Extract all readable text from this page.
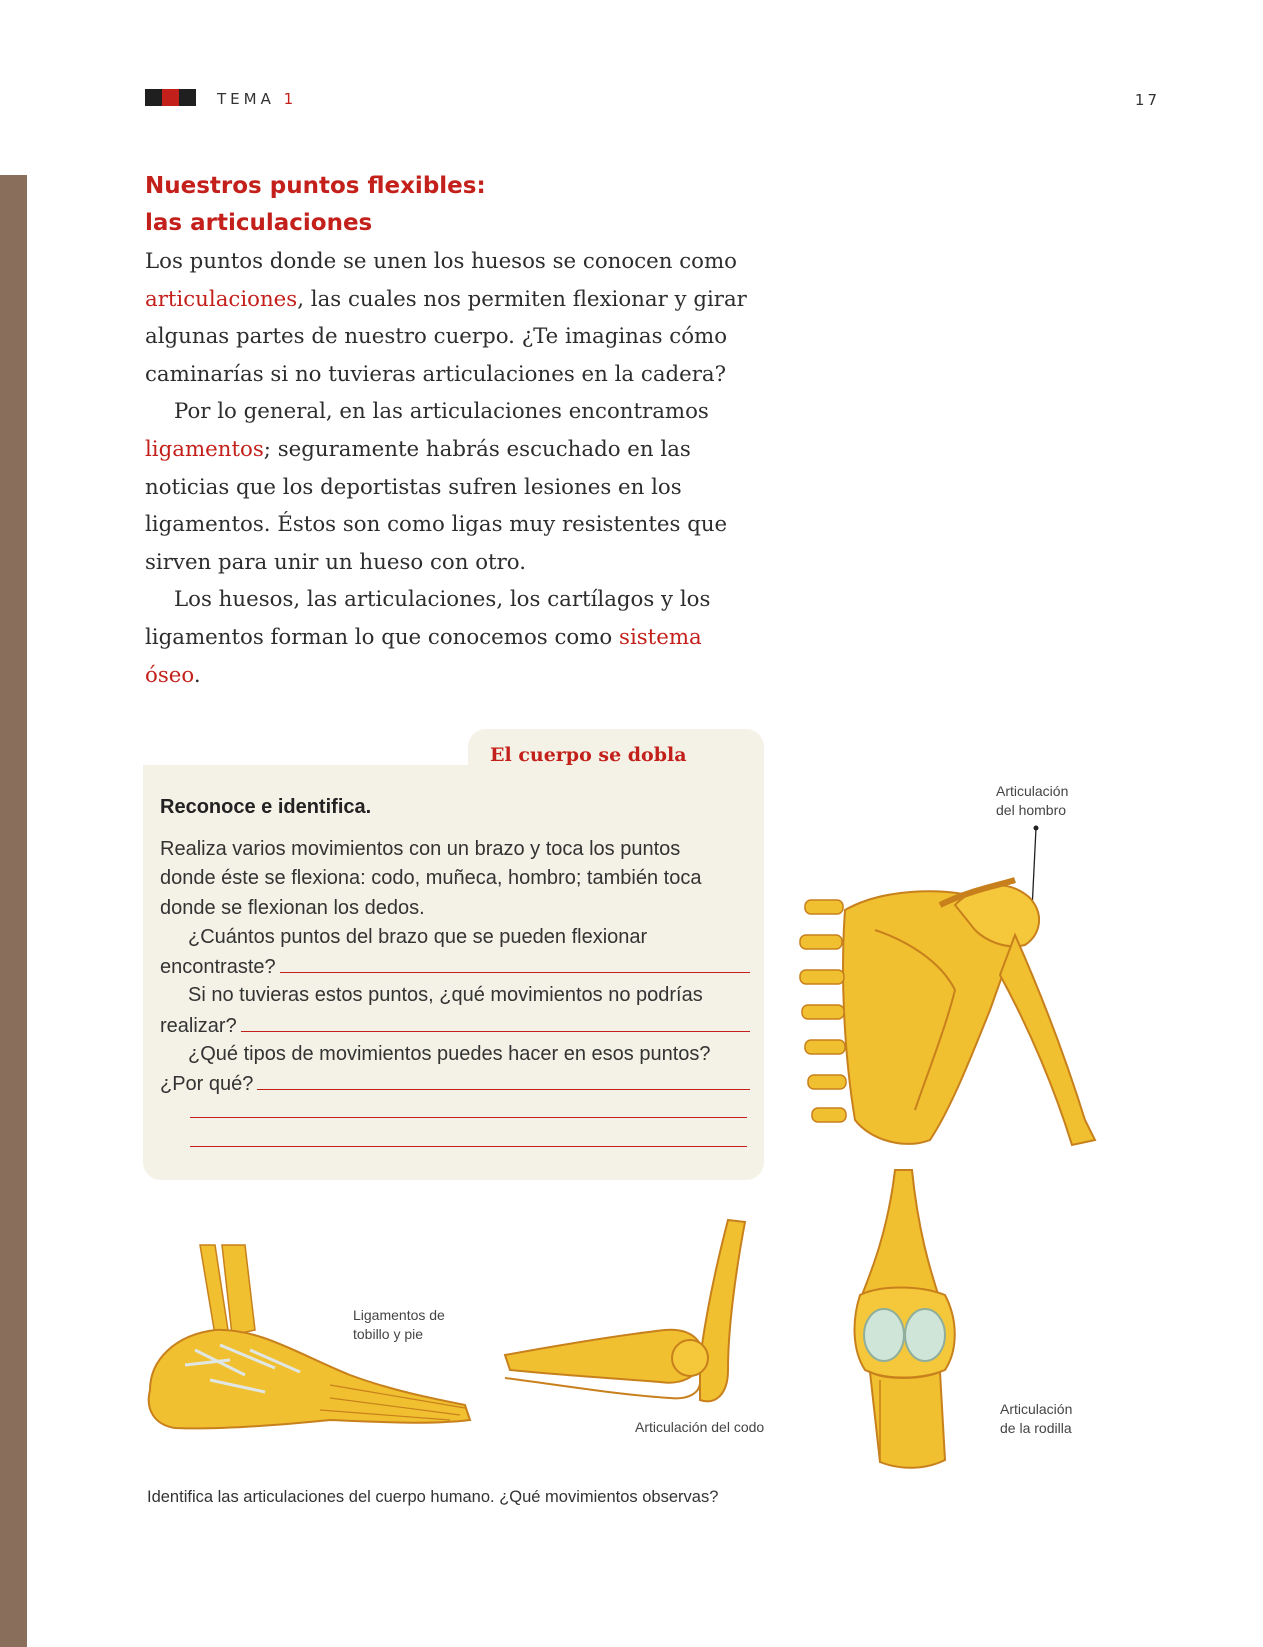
TEMA 1	17
Nuestros puntos flexibles:
las articulaciones
Los puntos donde se unen los huesos se conocen como
articulaciones, las cuales nos permiten flexionar y girar
algunas partes de nuestro cuerpo. ¿Te imaginas cómo
caminarías si no tuvieras articulaciones en la cadera?
Por lo general, en las articulaciones encontramos
ligamentos; seguramente habrás escuchado en las
noticias que los deportistas sufren lesiones en los
ligamentos. Éstos son como ligas muy resistentes que
sirven para unir un hueso con otro.
Los huesos, las articulaciones, los cartílagos y los
ligamentos forman lo que conocemos como sistema
óseo.
El cuerpo se dobla
Reconoce e identifica.
Realiza varios movimientos con un brazo y toca los puntos
donde éste se flexiona: codo, muñeca, hombro; también toca
donde se flexionan los dedos.
¿Cuántos puntos del brazo que se pueden flexionar
encontraste?
Si no tuvieras estos puntos, ¿qué movimientos no podrías
realizar?
¿Qué tipos de movimientos puedes hacer en esos puntos?
¿Por qué?
Articulación
del hombro
Ligamentos de
tobillo y pie
Articulación del codo
Articulación
de la rodilla
Identifica las articulaciones del cuerpo humano. ¿Qué movimientos observas?
